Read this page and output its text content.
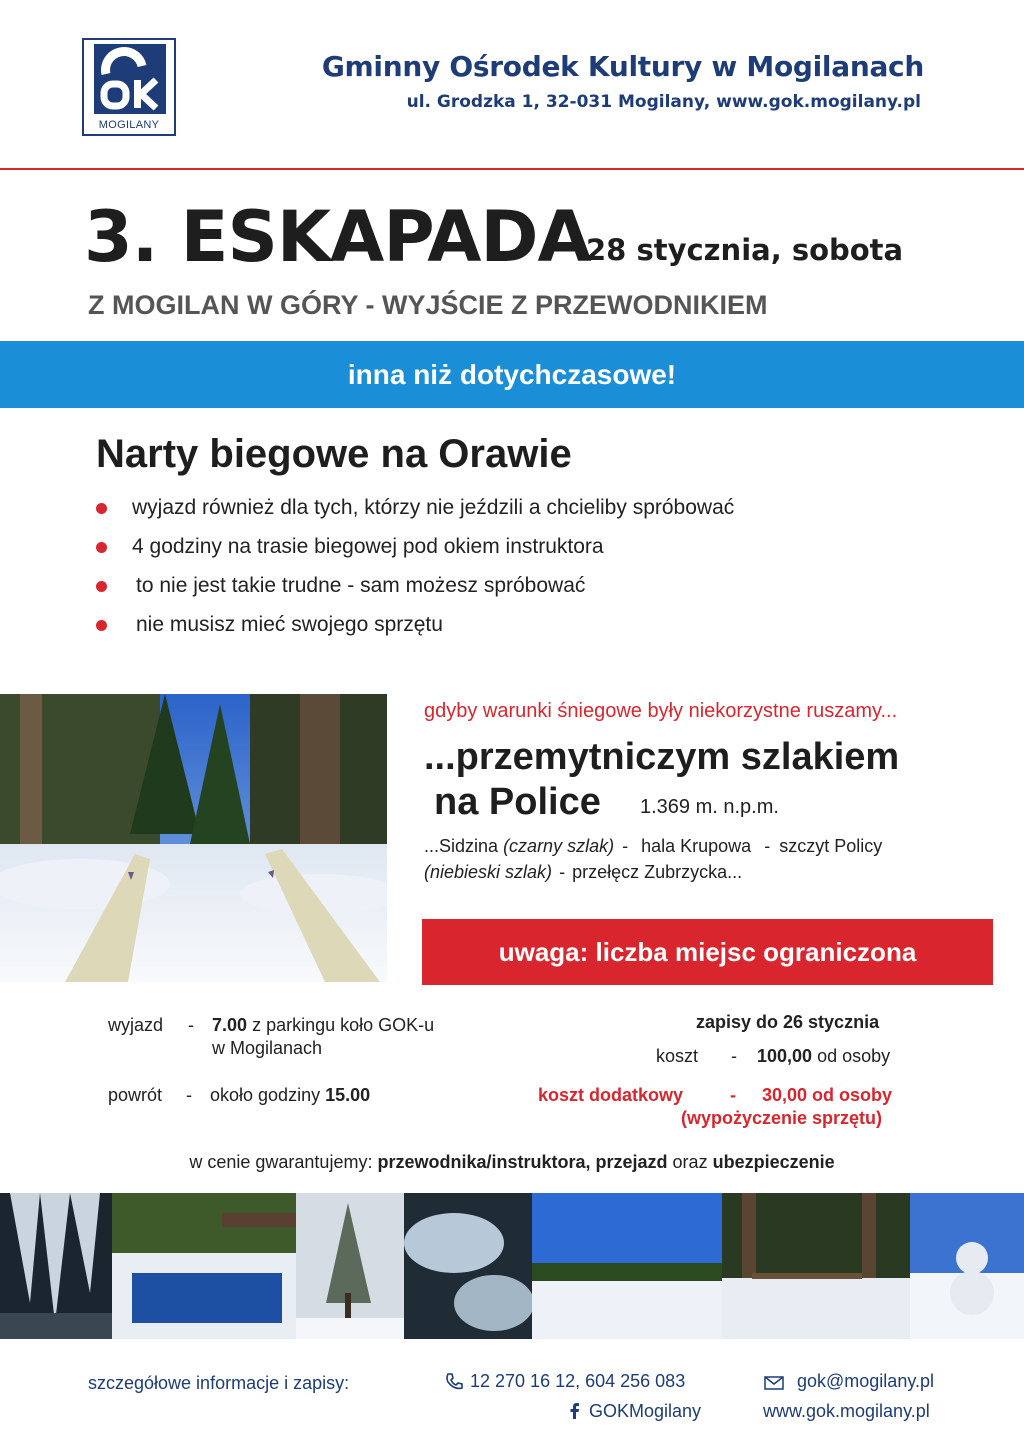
MOGILANY
Gminny Ośrodek Kultury w Mogilanach
ul. Grodzka 1, 32-031 Mogilany, www.gok.mogilany.pl
3. ESKAPADA
28 stycznia, sobota
Z MOGILAN W GÓRY - WYJŚCIE Z PRZEWODNIKIEM
inna niż dotychczasowe!
Narty biegowe na Orawie
wyjazd również dla tych, którzy nie jeździli a chcieliby spróbować
4 godziny na trasie biegowej pod okiem instruktora
to nie jest takie trudne - sam możesz spróbować
nie musisz mieć swojego sprzętu
gdyby warunki śniegowe były niekorzystne ruszamy...
...przemytniczym szlakiem
na Police 1.369 m. n.p.m.
...Sidzina (czarny szlak) - hala Krupowa - szczyt Policy
(niebieski szlak) - przełęcz Zubrzycka...
uwaga: liczba miejsc ograniczona
wyjazd - 7.00 z parkingu koło GOK-u
w Mogilanach
powrót - około godziny 15.00
zapisy do 26 stycznia
koszt - 100,00 od osoby
koszt dodatkowy	- 30,00 od osoby
(wypożyczenie sprzętu)
w cenie gwarantujemy: przewodnika/instruktora, przejazd oraz ubezpieczenie
szczegółowe informacje i zapisy:	12 270 16 12, 604 256 083
GOKMogilany
gok@mogilany.pl
www.gok.mogilany.pl
